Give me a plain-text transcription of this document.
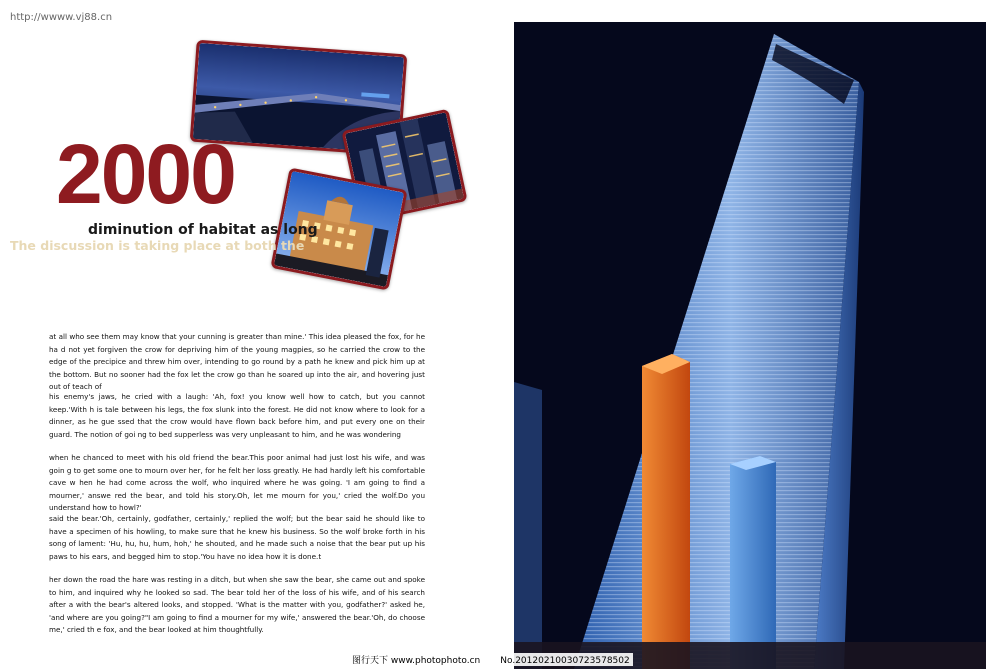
http://wwww.vj88.cn
2000
diminution of habitat as long
The discussion is taking place at both the
at all who see them may know that your cunning is greater than mine.' This idea pleased the fox, for he ha d not yet forgiven the crow for depriving him of the young magpies, so he carried the crow to the edge of the precipice and threw him over, intending to go round by a path he knew and pick him up at the bottom. But no sooner had the fox let the crow go than he soared up into the air, and hovering just out of teach of
his enemy's jaws, he cried with a laugh: 'Ah, fox! you know well how to catch, but you cannot keep.'With h is tale between his legs, the fox slunk into the forest. He did not know where to look for a dinner, as he gue ssed that the crow would have flown back before him, and put every one on their guard. The notion of goi ng to bed supperless was very unpleasant to him, and he was wondering
when he chanced to meet with his old friend the bear.This poor animal had just lost his wife, and was goin g to get some one to mourn over her, for he felt her loss greatly. He had hardly left his comfortable cave w hen he had come across the wolf, who inquired where he was going. 'I am going to find a mourner,' answe red the bear, and told his story.Oh, let me mourn for you,' cried the wolf.Do you understand how to howl?'
said the bear.'Oh, certainly, godfather, certainly,' replied the wolf; but the bear said he should like to have a specimen of his howling, to make sure that he knew his business. So the wolf broke forth in his song of lament: 'Hu, hu, hu, hum, hoh,' he shouted, and he made such a noise that the bear put up his paws to his ears, and begged him to stop.'You have no idea how it is done.t
her down the road the hare was resting in a ditch, but when she saw the bear, she came out and spoke to him, and inquired why he looked so sad. The bear told her of the loss of his wife, and of his search after a with the bear's altered looks, and stopped. 'What is the matter with you, godfather?' asked he, 'and where are you going?"I am going to find a mourner for my wife,' answered the bear.'Oh, do choose me,' cried th e fox, and the bear looked at him thoughtfully.
图行天下 www.photophoto.cn No.20120210030723578502
